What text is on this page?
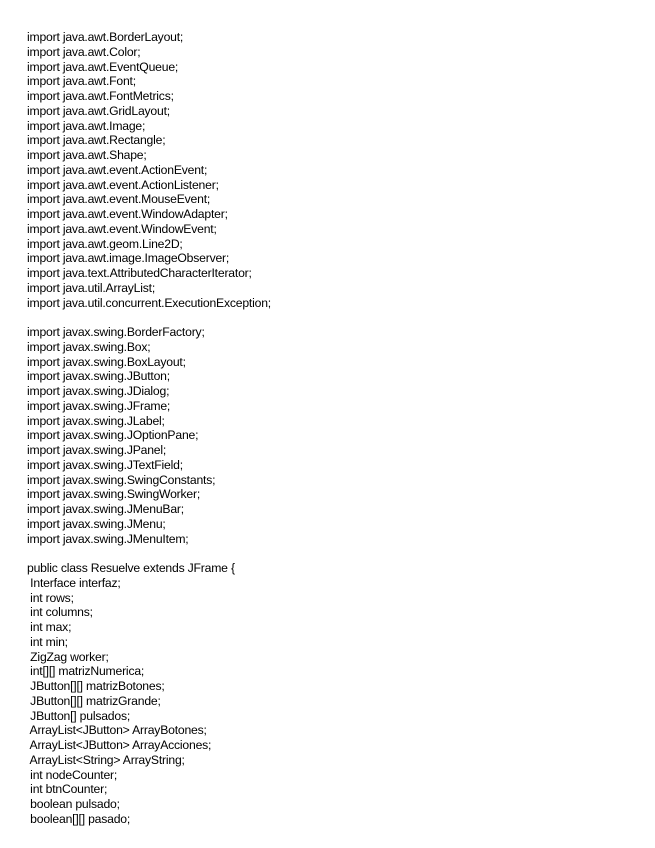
import java.awt.BorderLayout;
import java.awt.Color;
import java.awt.EventQueue;
import java.awt.Font;
import java.awt.FontMetrics;
import java.awt.GridLayout;
import java.awt.Image;
import java.awt.Rectangle;
import java.awt.Shape;
import java.awt.event.ActionEvent;
import java.awt.event.ActionListener;
import java.awt.event.MouseEvent;
import java.awt.event.WindowAdapter;
import java.awt.event.WindowEvent;
import java.awt.geom.Line2D;
import java.awt.image.ImageObserver;
import java.text.AttributedCharacterIterator;
import java.util.ArrayList;
import java.util.concurrent.ExecutionException;
import javax.swing.BorderFactory;
import javax.swing.Box;
import javax.swing.BoxLayout;
import javax.swing.JButton;
import javax.swing.JDialog;
import javax.swing.JFrame;
import javax.swing.JLabel;
import javax.swing.JOptionPane;
import javax.swing.JPanel;
import javax.swing.JTextField;
import javax.swing.SwingConstants;
import javax.swing.SwingWorker;
import javax.swing.JMenuBar;
import javax.swing.JMenu;
import javax.swing.JMenuItem;
public class Resuelve extends JFrame {
Interface interfaz;
int rows;
int columns;
int max;
int min;
ZigZag worker;
int[][] matrizNumerica;
JButton[][] matrizBotones;
JButton[][] matrizGrande;
JButton[] pulsados;
ArrayList<JButton> ArrayBotones;
ArrayList<JButton> ArrayAcciones;
ArrayList<String> ArrayString;
int nodeCounter;
int btnCounter;
boolean pulsado;
boolean[][] pasado;
